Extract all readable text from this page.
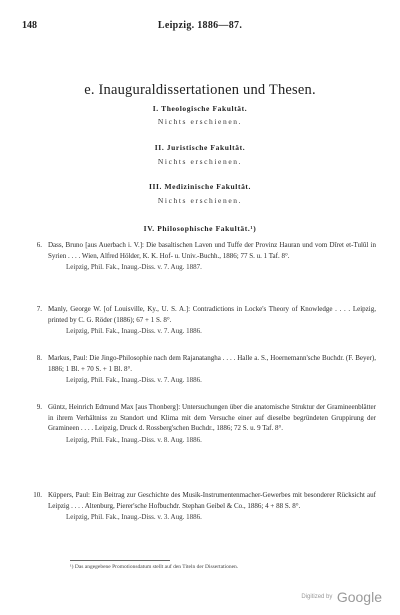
148	Leipzig. 1886—87.
e. Inauguraldissertationen und Thesen.
I. Theologische Fakultät.
Nichts erschienen.
II. Juristische Fakultät.
Nichts erschienen.
III. Medizinische Fakultät.
Nichts erschienen.
IV. Philosophische Fakultät.¹)
6. Dass, Bruno [aus Auerbach i. V.]: Die basaltischen Laven und Tuffe der Provinz Hauran und vom Dîret et-Tulûl in Syrien . . . . Wien, Alfred Hölder, K. K. Hof- u. Univ.-Buchh., 1886; 77 S. u. 1 Taf. 8°.
Leipzig, Phil. Fak., Inaug.-Diss. v. 7. Aug. 1887.
7. Manly, George W. [of Louisville, Ky., U. S. A.]: Contradictions in Locke's Theory of Knowledge . . . . Leipzig, printed by C. G. Röder (1886); 67 + 1 S. 8°.
Leipzig, Phil. Fak., Inaug.-Diss. v. 7. Aug. 1886.
8. Markus, Paul: Die Jingo-Philosophie nach dem Rajanatangha . . . . Halle a. S., Hoernemann'sche Buchdr. (F. Beyer), 1886; 1 Bl. + 70 S. + 1 Bl. 8°.
Leipzig, Phil. Fak., Inaug.-Diss. v. 7. Aug. 1886.
9. Güntz, Heinrich Edmund Max [aus Thonberg]: Untersuchungen über die anatomische Struktur der Gramineenblätter in ihrem Verhältniss zu Standort und Klima mit dem Versuche einer auf dieselbe begründeten Gruppirung der Gramineen . . . . Leipzig, Druck d. Rossberg'schen Buchdr., 1886; 72 S. u. 9 Taf. 8°.
Leipzig, Phil. Fak., Inaug.-Diss. v. 8. Aug. 1886.
10. Küppers, Paul: Ein Beitrag zur Geschichte des Musik-Instrumentenmacher-Gewerbes mit besonderer Rücksicht auf Leipzig . . . . Altenburg, Pierer'sche Hofbuchdr. Stephan Geibel & Co., 1886; 4 + 88 S. 8°.
Leipzig, Phil. Fak., Inaug.-Diss. v. 3. Aug. 1886.
¹) Das angegebene Promotionsdatum stellt auf den Titeln der Dissertationen.
Digitized by Google
